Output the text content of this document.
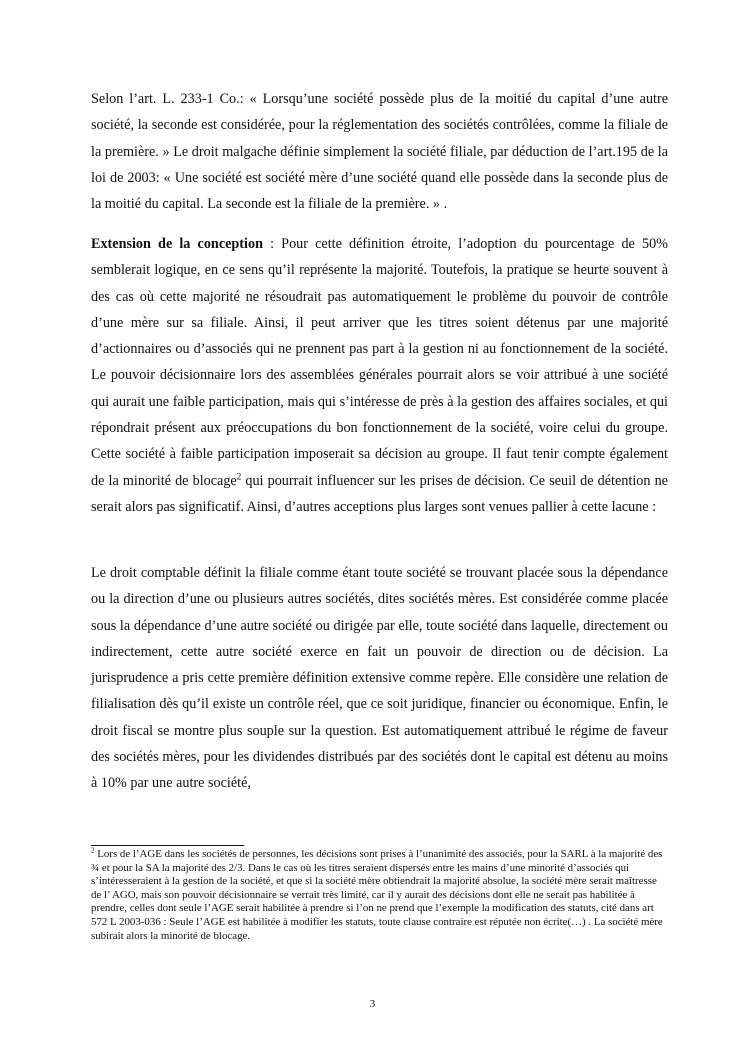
Selon l’art. L. 233-1 Co.: « Lorsqu’une société possède plus de la moitié du capital d’une autre société, la seconde est considérée, pour la réglementation des sociétés contrôlées, comme la filiale de la première. » Le droit malgache définie simplement la société filiale, par déduction de l’art.195 de la loi de 2003: « Une société est société mère d’une société quand elle possède dans la seconde plus de la moitié du capital. La seconde est la filiale de la première. » .

Extension de la conception : Pour cette définition étroite, l’adoption du pourcentage de 50% semblerait logique, en ce sens qu’il représente la majorité. Toutefois, la pratique se heurte souvent à des cas où cette majorité ne résoudrait pas automatiquement le problème du pouvoir de contrôle d’une mère sur sa filiale. Ainsi, il peut arriver que les titres soient détenus par une majorité d’actionnaires ou d’associés qui ne prennent pas part à la gestion ni au fonctionnement de la société. Le pouvoir décisionnaire lors des assemblées générales pourrait alors se voir attribué à une société qui aurait une faible participation, mais qui s’intéresse de près à la gestion des affaires sociales, et qui répondrait présent aux préoccupations du bon fonctionnement de la société, voire celui du groupe. Cette société à faible participation imposerait sa décision au groupe. Il faut tenir compte également de la minorité de blocage$^2$ qui pourrait influencer sur les prises de décision. Ce seuil de détention ne serait alors pas significatif. Ainsi, d’autres acceptions plus larges sont venues pallier à cette lacune :

Le droit comptable définit la filiale comme étant toute société se trouvant placée sous la dépendance ou la direction d’une ou plusieurs autres sociétés, dites sociétés mères. Est considérée comme placée sous la dépendance d’une autre société ou dirigée par elle, toute société dans laquelle, directement ou indirectement, cette autre société exerce en fait un pouvoir de direction ou de décision. La jurisprudence a pris cette première définition extensive comme repère. Elle considère une relation de filialisation dès qu’il existe un contrôle réel, que ce soit juridique, financier ou économique. Enfin, le droit fiscal se montre plus souple sur la question. Est automatiquement attribué le régime de faveur des sociétés mères, pour les dividendes distribués par des sociétés dont le capital est détenu au moins à 10% par une autre société,

$^2$ Lors de l’AGE dans les sociétés de personnes, les décisions sont prises à l’unanimité des associés, pour la SARL à la majorité des ¾ et pour la SA la majorité des 2/3. Dans le cas où les titres seraient dispersés entre les mains d’une minorité d’associés qui s’intéresseraient à la gestion de la société, et que si la société mère obtiendrait la majorité absolue, la société mère serait maîtresse de l’ AGO, mais son pouvoir décisionnaire se verrait très limité, car il y aurait des décisions dont elle ne serait pas habilitée à prendre, celles dont seule l’AGE serait habilitée à prendre si l’on ne prend que l’exemple la modification des statuts, cité dans art 572 L 2003-036 : Seule l’AGE est habilitée à modifier les statuts, toute clause contraire est réputée non écrite(…) . La société mère subirait alors la minorité de blocage.

3
